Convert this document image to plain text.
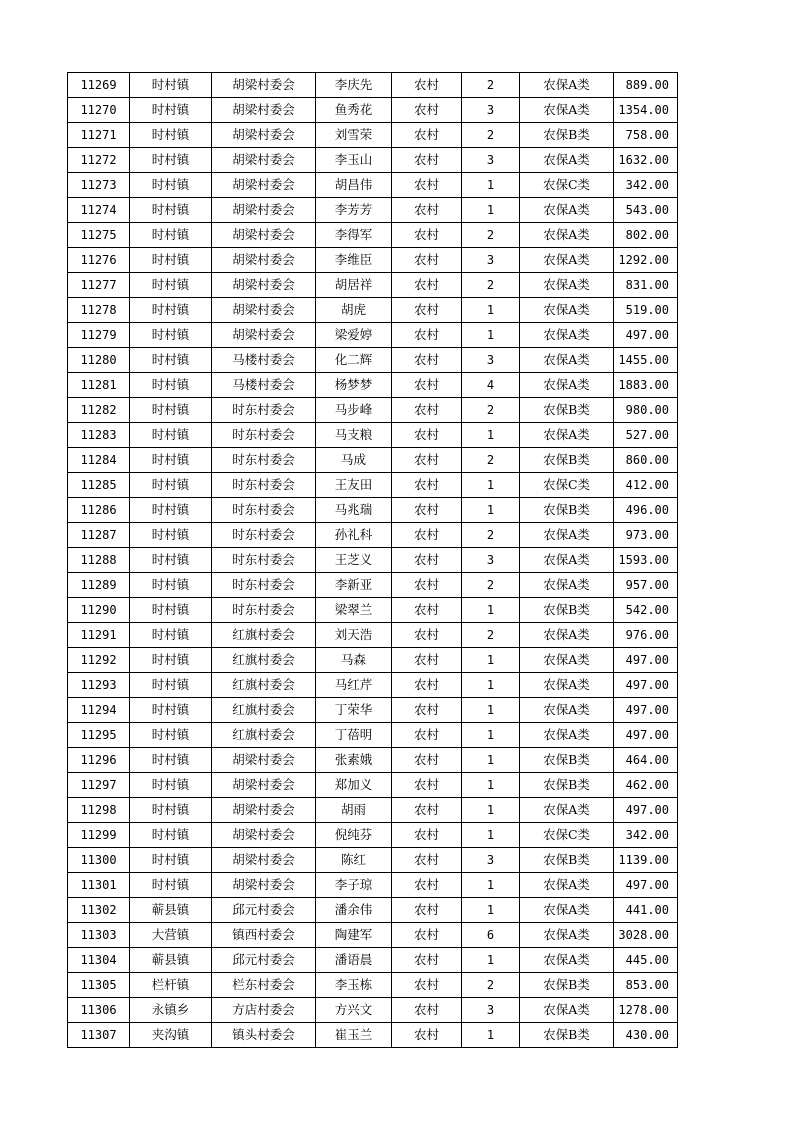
11269	时村镇	胡梁村委会	李庆先	农村	2	农保A类	889.00
11270	时村镇	胡梁村委会	鱼秀花	农村	3	农保A类	1354.00
11271	时村镇	胡梁村委会	刘雪荣	农村	2	农保B类	758.00
11272	时村镇	胡梁村委会	李玉山	农村	3	农保A类	1632.00
11273	时村镇	胡梁村委会	胡昌伟	农村	1	农保C类	342.00
11274	时村镇	胡梁村委会	李芳芳	农村	1	农保A类	543.00
11275	时村镇	胡梁村委会	李得军	农村	2	农保A类	802.00
11276	时村镇	胡梁村委会	李维臣	农村	3	农保A类	1292.00
11277	时村镇	胡梁村委会	胡居祥	农村	2	农保A类	831.00
11278	时村镇	胡梁村委会	胡虎	农村	1	农保A类	519.00
11279	时村镇	胡梁村委会	梁爱婷	农村	1	农保A类	497.00
11280	时村镇	马楼村委会	化二辉	农村	3	农保A类	1455.00
11281	时村镇	马楼村委会	杨梦梦	农村	4	农保A类	1883.00
11282	时村镇	时东村委会	马步峰	农村	2	农保B类	980.00
11283	时村镇	时东村委会	马支粮	农村	1	农保A类	527.00
11284	时村镇	时东村委会	马成	农村	2	农保B类	860.00
11285	时村镇	时东村委会	王友田	农村	1	农保C类	412.00
11286	时村镇	时东村委会	马兆瑞	农村	1	农保B类	496.00
11287	时村镇	时东村委会	孙礼科	农村	2	农保A类	973.00
11288	时村镇	时东村委会	王芝义	农村	3	农保A类	1593.00
11289	时村镇	时东村委会	李新亚	农村	2	农保A类	957.00
11290	时村镇	时东村委会	梁翠兰	农村	1	农保B类	542.00
11291	时村镇	红旗村委会	刘天浩	农村	2	农保A类	976.00
11292	时村镇	红旗村委会	马森	农村	1	农保A类	497.00
11293	时村镇	红旗村委会	马红芹	农村	1	农保A类	497.00
11294	时村镇	红旗村委会	丁荣华	农村	1	农保A类	497.00
11295	时村镇	红旗村委会	丁蓓明	农村	1	农保A类	497.00
11296	时村镇	胡梁村委会	张素娥	农村	1	农保B类	464.00
11297	时村镇	胡梁村委会	郑加义	农村	1	农保B类	462.00
11298	时村镇	胡梁村委会	胡雨	农村	1	农保A类	497.00
11299	时村镇	胡梁村委会	倪纯芬	农村	1	农保C类	342.00
11300	时村镇	胡梁村委会	陈红	农村	3	农保B类	1139.00
11301	时村镇	胡梁村委会	李子琼	农村	1	农保A类	497.00
11302	蕲县镇	邱元村委会	潘余伟	农村	1	农保A类	441.00
11303	大营镇	镇西村委会	陶建军	农村	6	农保A类	3028.00
11304	蕲县镇	邱元村委会	潘语晨	农村	1	农保A类	445.00
11305	栏杆镇	栏东村委会	李玉栋	农村	2	农保B类	853.00
11306	永镇乡	方店村委会	方兴文	农村	3	农保A类	1278.00
11307	夹沟镇	镇头村委会	崔玉兰	农村	1	农保B类	430.00
